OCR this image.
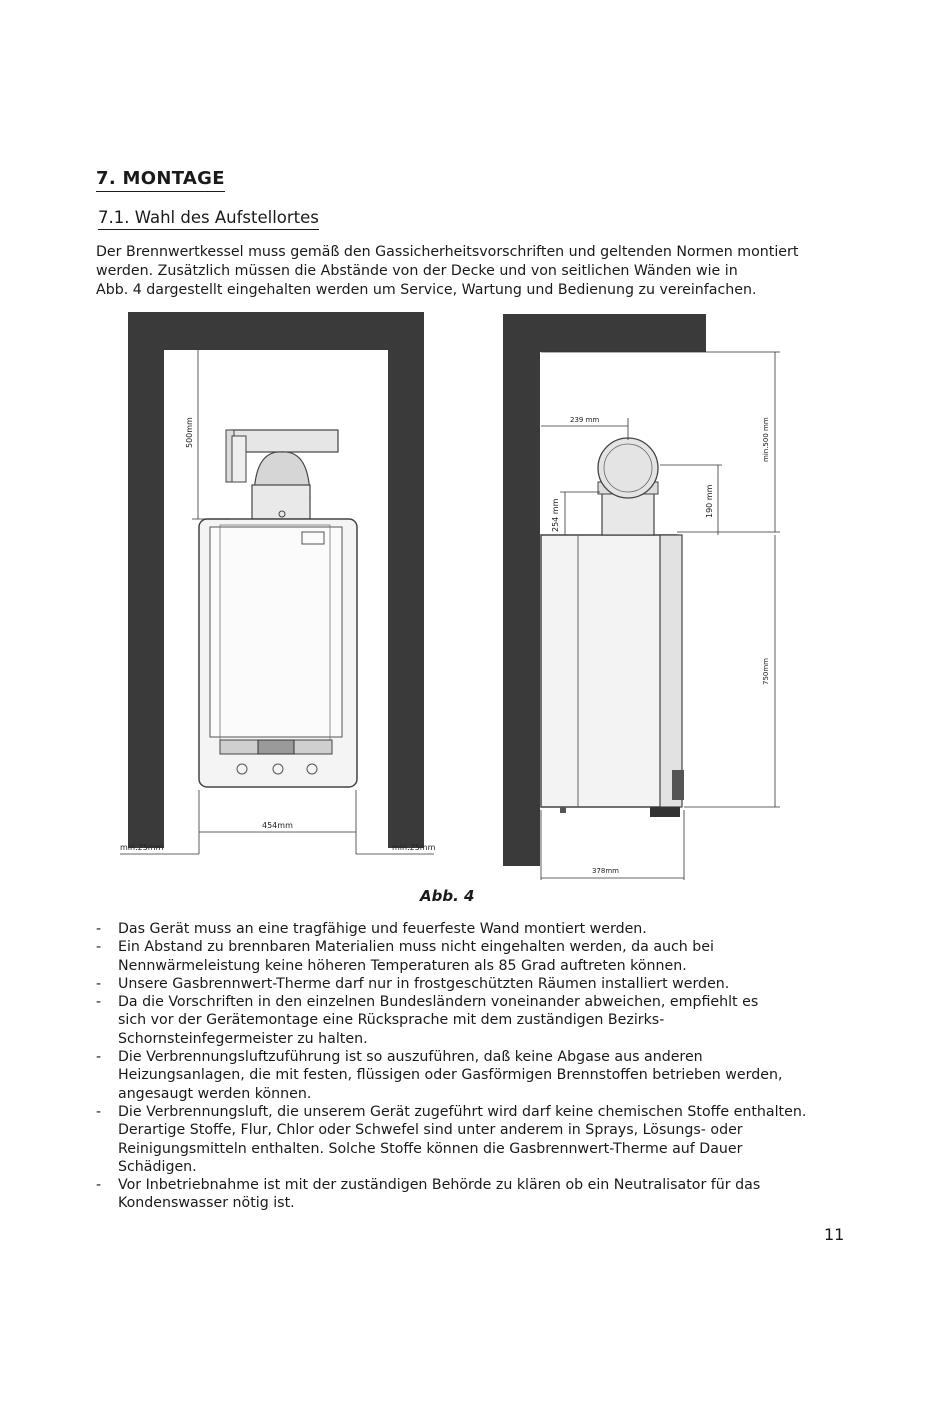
7. MONTAGE
7.1. Wahl des Aufstellortes
Der Brennwertkessel muss gemäß den Gassicherheitsvorschriften und geltenden Normen montiert
werden. Zusätzlich müssen die Abstände von der Decke und von seitlichen Wänden wie in
Abb. 4 dargestellt eingehalten werden um Service, Wartung und Bedienung zu vereinfachen.
500mm
454mm
min.25mm	min.25mm
min.500 mm
239 mm
254 mm	190 mm
750mm
378mm
Abb. 4
- Das Gerät muss an eine tragfähige und feuerfeste Wand montiert werden.
- Ein Abstand zu brennbaren Materialien muss nicht eingehalten werden, da auch bei
Nennwärmeleistung keine höheren Temperaturen als 85 Grad auftreten können.
- Unsere Gasbrennwert-Therme darf nur in frostgeschützten Räumen installiert werden.
- Da die Vorschriften in den einzelnen Bundesländern voneinander abweichen, empfiehlt es
sich vor der Gerätemontage eine Rücksprache mit dem zuständigen Bezirks-
Schornsteinfegermeister zu halten.
- Die Verbrennungsluftzuführung ist so auszuführen, daß keine Abgase aus anderen
Heizungsanlagen, die mit festen, flüssigen oder Gasförmigen Brennstoffen betrieben werden,
angesaugt werden können.
- Die Verbrennungsluft, die unserem Gerät zugeführt wird darf keine chemischen Stoffe enthalten.
Derartige Stoffe, Flur, Chlor oder Schwefel sind unter anderem in Sprays, Lösungs- oder
Reinigungsmitteln enthalten. Solche Stoffe können die Gasbrennwert-Therme auf Dauer
Schädigen.
- Vor Inbetriebnahme ist mit der zuständigen Behörde zu klären ob ein Neutralisator für das
Kondenswasser nötig ist.
11
